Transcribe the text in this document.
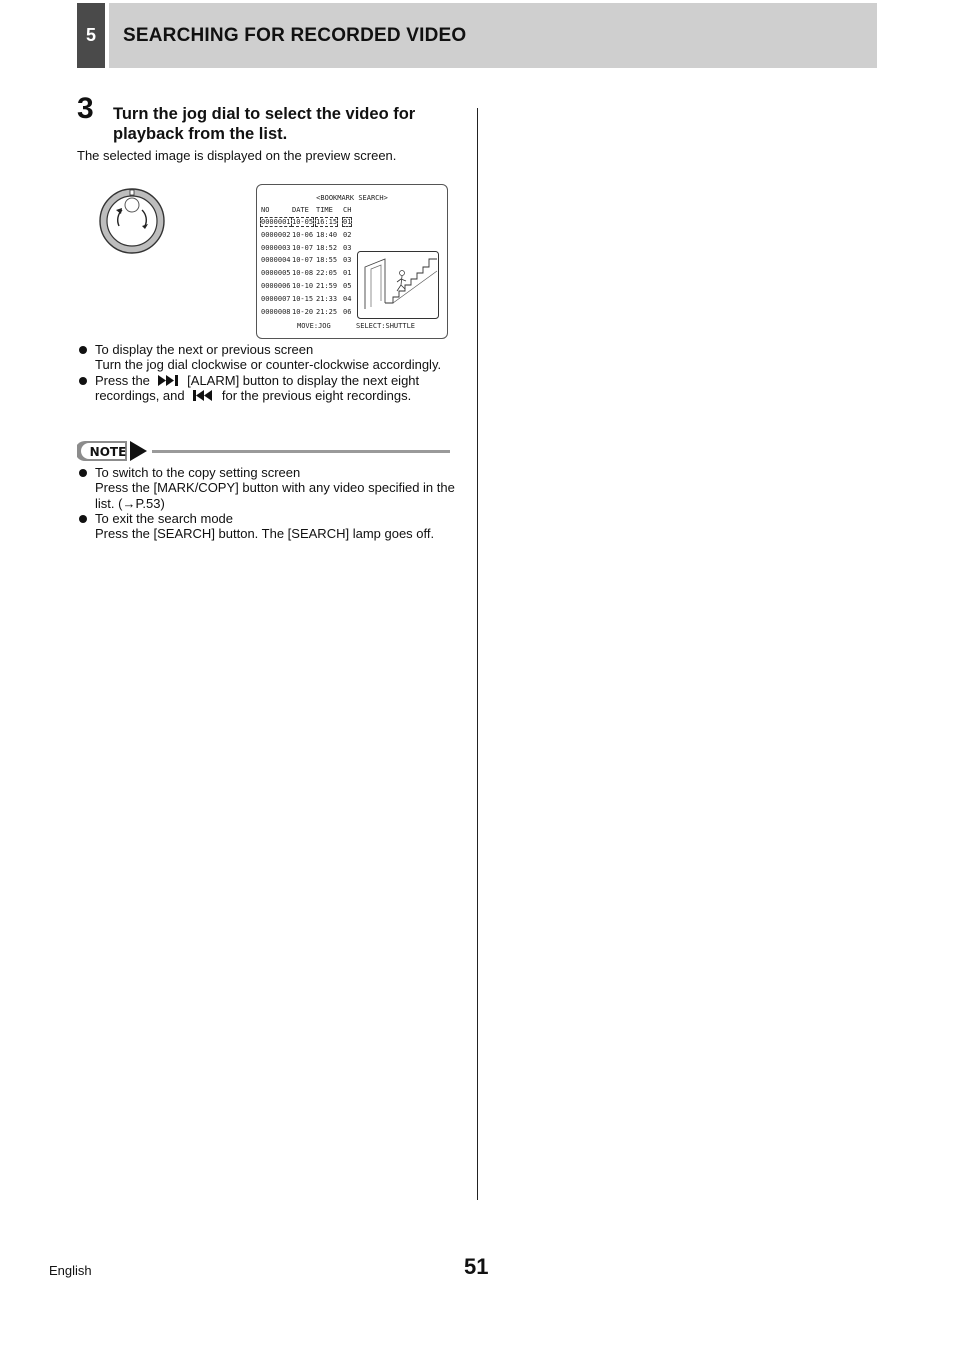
5	SEARCHING FOR RECORDED VIDEO
3 Turn the jog dial to select the video for playback from the list.
The selected image is displayed on the preview screen.
<BOOKMARK SEARCH>
NO	DATE TIME CH
0000001 10-05 16:15 01
0000002 10-06 18:40 02
0000003 10-07 18:52 03
0000004 10-07 18:55 03
0000005 10-08 22:05 01
0000006 10-10 21:59 05
0000007 10-15 21:33 04
0000008 10-20 21:25 06
MOVE:JOG	SELECT:SHUTTLE
To display the next or previous screen
Turn the jog dial clockwise or counter-clockwise accordingly.
Press the	[ALARM] button to display the next eight recordings, and	for the previous eight recordings.
NOTE
To switch to the copy setting screen
Press the [MARK/COPY] button with any video specified in the list. (→P.53)
To exit the search mode
Press the [SEARCH] button. The [SEARCH] lamp goes off.
English	51
